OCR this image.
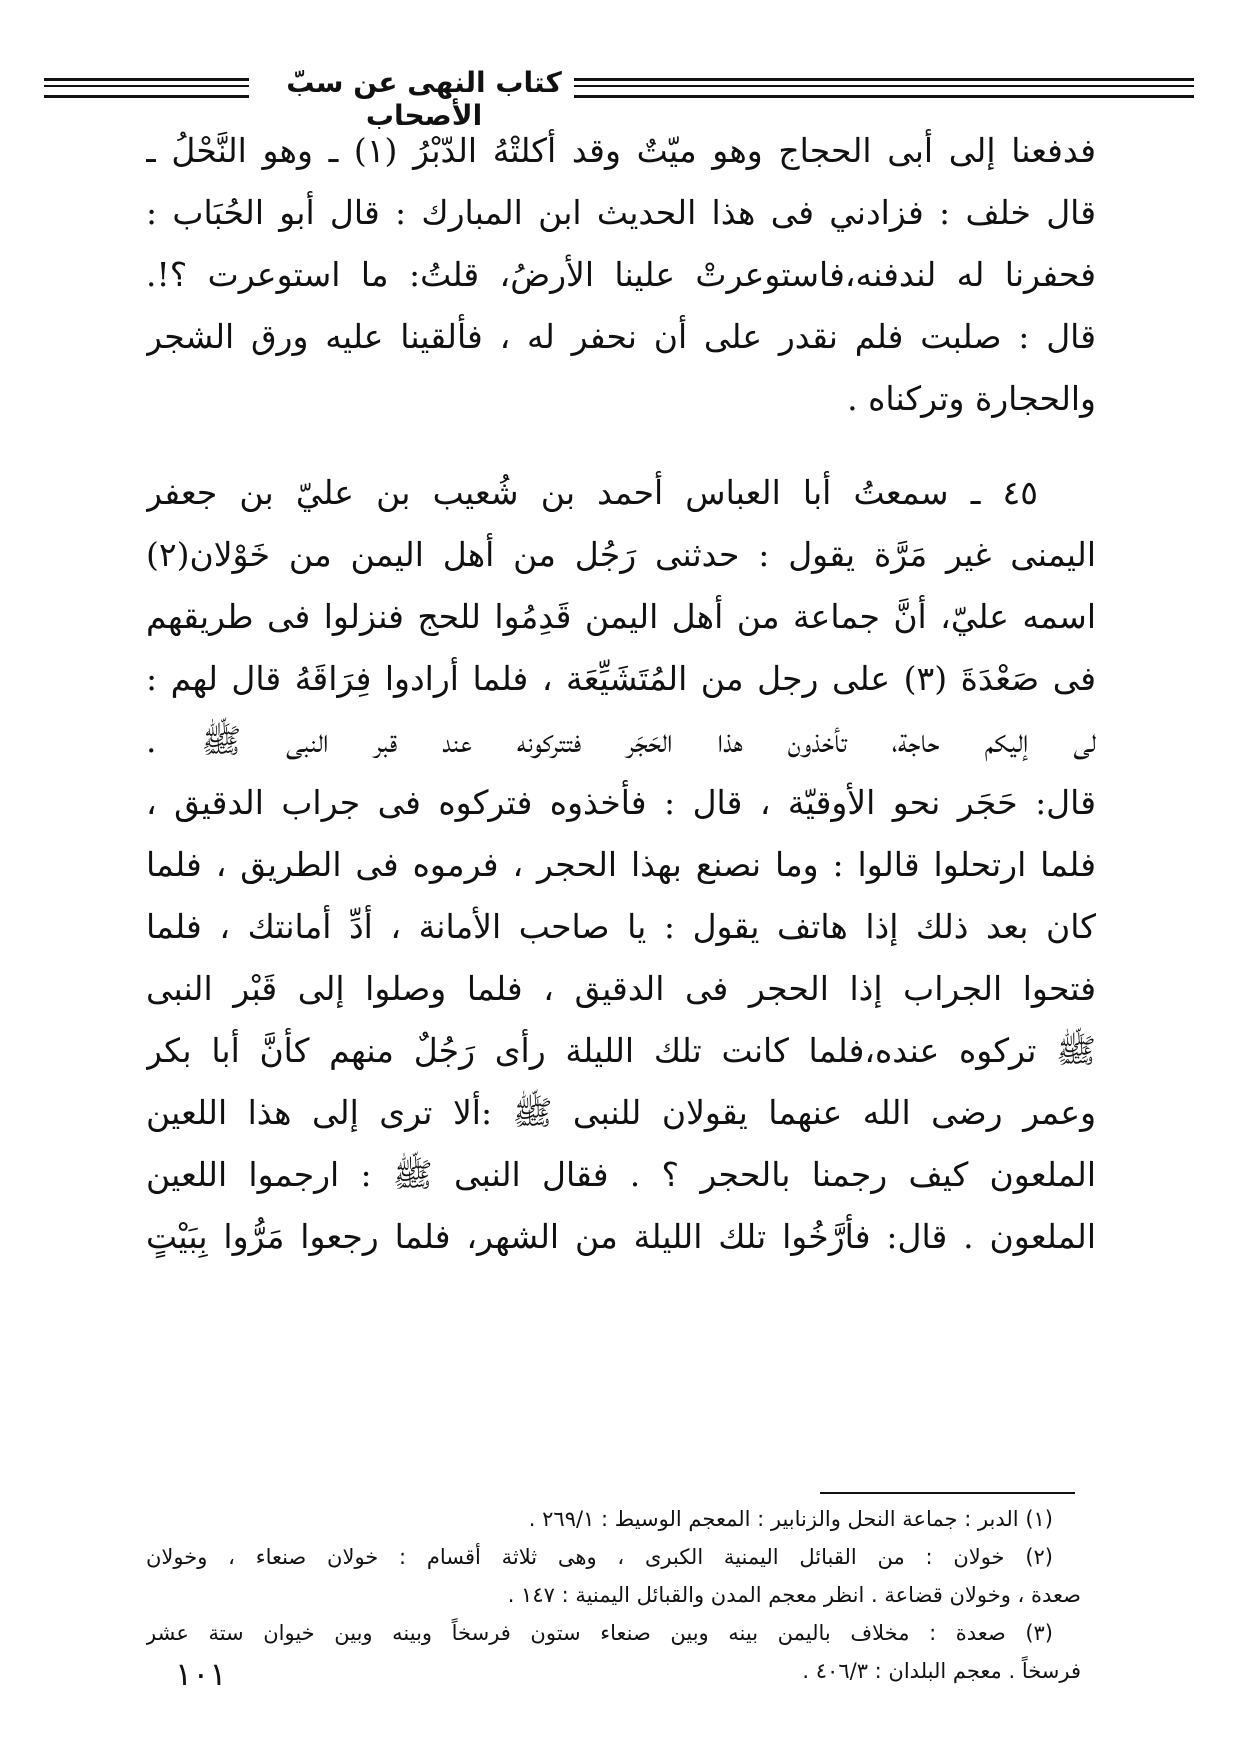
كتاب النهى عن سبّ الأصحاب
فدفعنا إلى أبى الحجاج وهو ميّتٌ وقد أكلتْهُ الدّبْرُ (١) ـ وهو النَّحْلُ ـ
قال خلف : فزادني فى هذا الحديث ابن المبارك : قال أبو الحُبَاب :
فحفرنا له لندفنه،فاستوعرتْ علينا الأرضُ، قلتُ: ما استوعرت ؟!.
قال : صلبت فلم نقدر على أن نحفر له ، فألقينا عليه ورق الشجر
والحجارة وتركناه .
٤٥ ـ سمعتُ أبا العباس أحمد بن شُعيب بن عليّ بن جعفر
اليمنى غير مَرَّة يقول : حدثنى رَجُل من أهل اليمن من خَوْلان(٢)
اسمه عليّ، أنَّ جماعة من أهل اليمن قَدِمُوا للحج فنزلوا فى طريقهم
فى صَعْدَةَ (٣) على رجل من المُتَشَيِّعَة ، فلما أرادوا فِرَاقَهُ قال لهم :
لى إليكم حاجة، تأخذون هذا الحَجَر فتتركونه عند قبر النبى ﷺ .
قال: حَجَر نحو الأوقيّة ، قال : فأخذوه فتركوه فى جراب الدقيق ،
فلما ارتحلوا قالوا : وما نصنع بهذا الحجر ، فرموه فى الطريق ، فلما
كان بعد ذلك إذا هاتف يقول : يا صاحب الأمانة ، أدِّ أمانتك ، فلما
فتحوا الجراب إذا الحجر فى الدقيق ، فلما وصلوا إلى قَبْر النبى
ﷺ تركوه عنده،فلما كانت تلك الليلة رأى رَجُلٌ منهم كأنَّ أبا بكر
وعمر رضى الله عنهما يقولان للنبى ﷺ :ألا ترى إلى هذا اللعين
الملعون كيف رجمنا بالحجر ؟ . فقال النبى ﷺ : ارجموا اللعين
الملعون . قال: فأرَّخُوا تلك الليلة من الشهر، فلما رجعوا مَرُّوا بِبَيْتٍ
(١) الدبر : جماعة النحل والزنابير : المعجم الوسيط : ٢٦٩/١ .
(٢) خولان : من القبائل اليمنية الكبرى ، وهى ثلاثة أقسام : خولان صنعاء ، وخولان
صعدة ، وخولان قضاعة . انظر معجم المدن والقبائل اليمنية : ١٤٧ .
(٣) صعدة : مخلاف باليمن بينه وبين صنعاء ستون فرسخاً وبينه وبين خيوان ستة عشر
فرسخاً . معجم البلدان : ٤٠٦/٣ .
١٠١
